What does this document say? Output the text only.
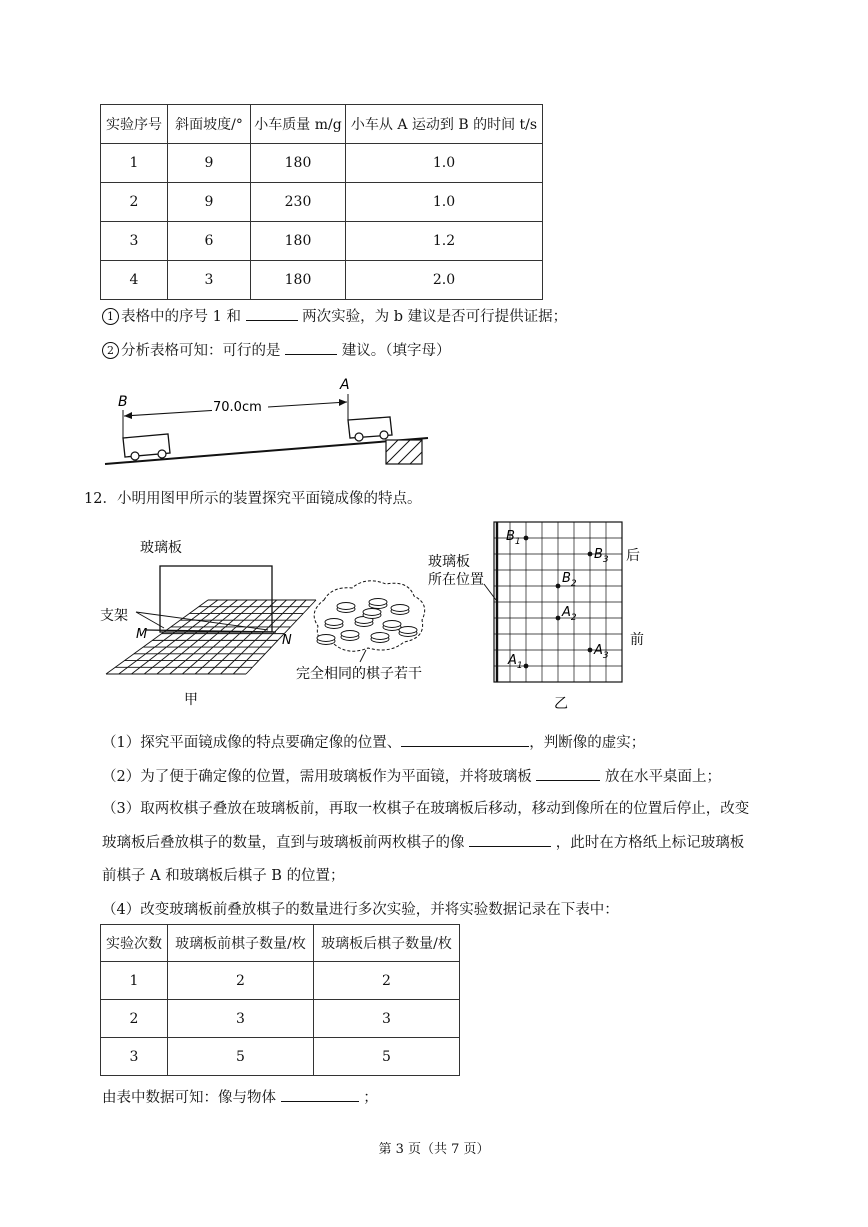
实验序号	斜面坡度/°	小车质量 m/g	小车从 A 运动到 B 的时间 t/s
1	9	180	1.0
2	9	230	1.0
3	6	180	1.2
4	3	180	2.0
1 表格中的序号 1 和	两次实验，为 b 建议是否可行提供证据；
2 分析表格可知：可行的是	建议。（填字母）
B
A
70.0cm
12．小明用图甲所示的装置探究平面镜成像的特点。
玻璃板
支架
M	N
完全相同的棋子若干
甲
玻璃板
所在位置
后
前
$B_1$
$B_3$
$B_2$
$A_2$
$A_1$
$A_3$
乙
（1）探究平面镜成像的特点要确定像的位置、	，判断像的虚实；
（2）为了便于确定像的位置，需用玻璃板作为平面镜，并将玻璃板	放在水平桌面上；
（3）取两枚棋子叠放在玻璃板前，再取一枚棋子在玻璃板后移动，移动到像所在的位置后停止，改变
玻璃板后叠放棋子的数量，直到与玻璃板前两枚棋子的像	，此时在方格纸上标记玻璃板
前棋子 A 和玻璃板后棋子 B 的位置；
（4）改变玻璃板前叠放棋子的数量进行多次实验，并将实验数据记录在下表中：
实验次数	玻璃板前棋子数量/枚	玻璃板后棋子数量/枚
1	2	2
2	3	3
3	5	5
由表中数据可知：像与物体	；
第 3 页（共 7 页）
